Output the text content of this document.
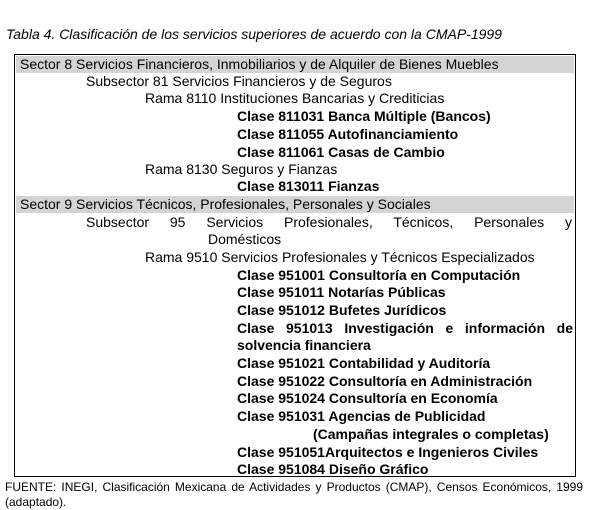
Tabla 4. Clasificación de los servicios superiores de acuerdo con la CMAP-1999
Sector 8 Servicios Financieros, Inmobiliarios y de Alquiler de Bienes Muebles
Subsector 81 Servicios Financieros y de Seguros
Rama 8110 Instituciones Bancarias y Crediticias
Clase 811031 Banca Múltiple (Bancos)
Clase 811055 Autofinanciamiento
Clase 811061 Casas de Cambio
Rama 8130 Seguros y Fianzas
Clase 813011 Fianzas
Sector 9 Servicios Técnicos, Profesionales, Personales y Sociales
Subsector 95 Servicios Profesionales, Técnicos, Personales y
Domésticos
Rama 9510 Servicios Profesionales y Técnicos Especializados
Clase 951001 Consultoría en Computación
Clase 951011 Notarías Públicas
Clase 951012 Bufetes Jurídicos
Clase 951013 Investigación e información de
solvencia financiera
Clase 951021 Contabilidad y Auditoría
Clase 951022 Consultoría en Administración
Clase 951024 Consultoría en Economía
Clase 951031 Agencias de Publicidad
(Campañas integrales o completas)
Clase 951051Arquitectos e Ingenieros Civiles
Clase 951084 Diseño Gráfico
FUENTE: INEGI, Clasificación Mexicana de Actividades y Productos (CMAP), Censos Económicos, 1999 (adaptado).
